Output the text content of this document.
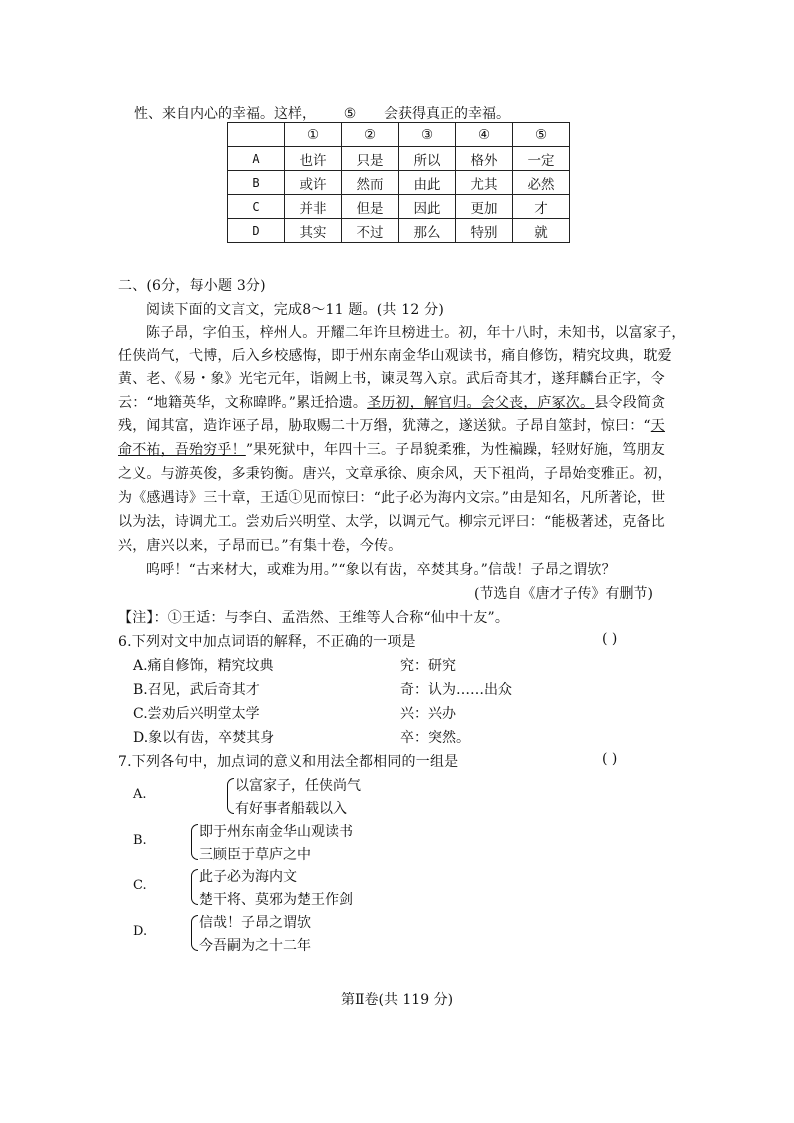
性、来自内心的幸福。这样， ⑤ 会获得真正的幸福。
	①	②	③	④	⑤
A	也许	只是	所以	格外	一定
B	或许	然而	由此	尤其	必然
C	并非	但是	因此	更加	才
D	其实	不过	那么	特别	就
二、(6分，每小题 3分)
阅读下面的文言文，完成8～11 题。(共 12 分)
陈子昂，字伯玉，梓州人。开耀二年许旦榜进士。初，年十八时，未知书，以富家子，
任侠尚气，弋博，后入乡校感悔，即于州东南金华山观读书，痛自修饬，精究坟典，耽爱
黄、老、《易・象》光宅元年，诣阙上书，谏灵驾入京。武后奇其才，遂拜麟台正字，令
云：“地籍英华，文称暐晔。”累迁拾遗。圣历初，解官归。会父丧，庐冢次。县令段简贪
残，闻其富，造诈诬子昂，胁取赐二十万缗，犹薄之，遂送狱。子昂自筮封，惊曰：“天
命不祐，吾殆穷乎！”果死狱中，年四十三。子昂貌柔雅，为性褊躁，轻财好施，笃朋友
之义。与游英俊，多秉钧衡。唐兴，文章承徐、庾余风，天下祖尚，子昂始变雅正。初，
为《感遇诗》三十章，王适①见而惊曰：“此子必为海内文宗。”由是知名，凡所著论，世
以为法，诗调尤工。尝劝后兴明堂、太学，以调元气。柳宗元评曰：“能极著述，克备比
兴，唐兴以来，子昂而已。”有集十卷，今传。
呜呼！“古来材大，或难为用。”“象以有齿，卒焚其身。”信哉！子昂之谓欤？
(节选自《唐才子传》有删节)
【注】：①王适：与李白、孟浩然、王维等人合称“仙中十友”。
6.下列对文中加点词语的解释，不正确的一项是	( )
A.痛自修饰，精究坟典	究：研究
B.召见，武后奇其才	奇：认为……出众
C.尝劝后兴明堂太学	兴：兴办
D.象以有齿，卒焚其身	卒：突然。
7.下列各句中，加点词的意义和用法全都相同的一组是	( )
A.
以富家子，任侠尚气
有好事者船载以入
B.
即于州东南金华山观读书
三顾臣于草庐之中
C.
此子必为海内文
楚干将、莫邪为楚王作剑
D.
信哉！子昂之谓欤
今吾嗣为之十二年
第Ⅱ卷(共 119 分)
